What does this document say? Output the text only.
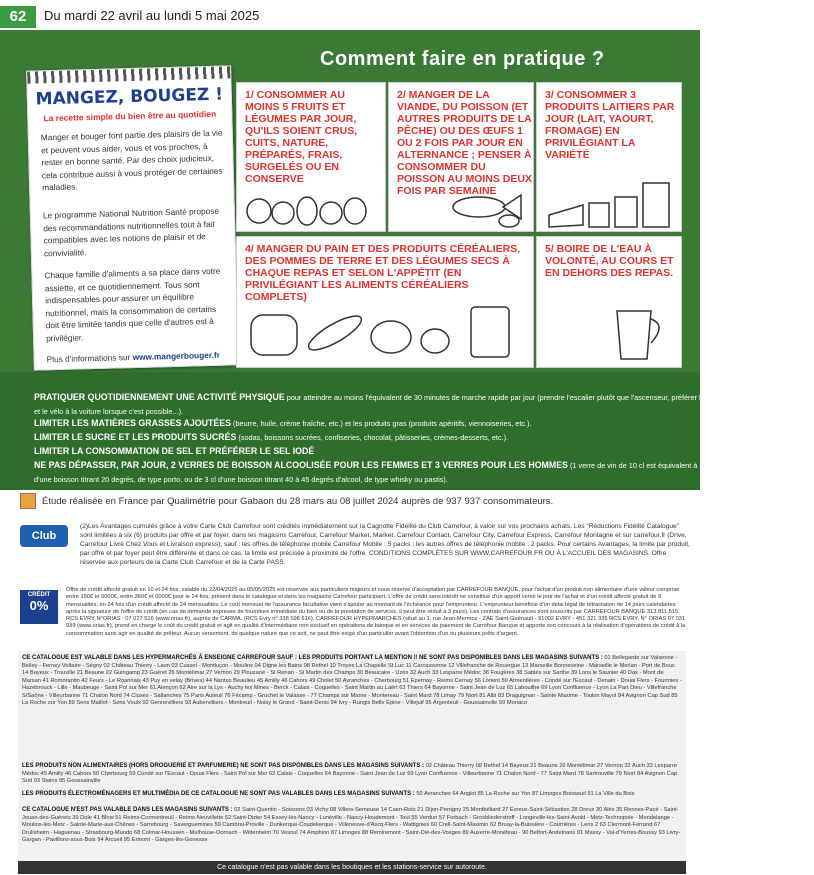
62	Du mardi 22 avril au lundi 5 mai 2025
MANGEZ, BOUGEZ !
La recette simple du bien être au quotidien
Manger et bouger font partie des plaisirs de la vie et peuvent vous aider, vous et vos proches, à rester en bonne santé. Par des choix judicieux, cela contribue aussi à vous protéger de certaines maladies.
Le programme National Nutrition Santé propose des recommandations nutritionnelles tout à fait compatibles avec les notions de plaisir et de convivialité.
Chaque famille d'aliments a sa place dans votre assiette, et ce quotidiennement. Tous sont indispensables pour assurer un équilibre nutritionnel, mais la consommation de certains doit être limitée tandis que celle d'autres est à privilégier.
Plus d'informations sur www.mangerbouger.fr
Comment faire en pratique ?
1/ CONSOMMER AU MOINS 5 FRUITS ET LÉGUMES PAR JOUR, QU'ILS SOIENT CRUS, CUITS, NATURE, PRÉPARÉS, FRAIS, SURGELÉS OU EN CONSERVE
2/ MANGER DE LA VIANDE, DU POISSON (ET AUTRES PRODUITS DE LA PÊCHE) OU DES ŒUFS 1 OU 2 FOIS PAR JOUR EN ALTERNANCE ; PENSER À CONSOMMER DU POISSON AU MOINS DEUX FOIS PAR SEMAINE
3/ CONSOMMER 3 PRODUITS LAITIERS PAR JOUR (LAIT, YAOURT, FROMAGE) EN PRIVILÉGIANT LA VARIÉTÉ
4/ MANGER DU PAIN ET DES PRODUITS CÉRÉALIERS, DES POMMES DE TERRE ET DES LÉGUMES SECS À CHAQUE REPAS ET SELON L'APPÉTIT (EN PRIVILÉGIANT LES ALIMENTS CÉRÉALIERS COMPLETS)
5/ BOIRE DE L'EAU À VOLONTÉ, AU COURS ET EN DEHORS DES REPAS.
PRATIQUER QUOTIDIENNEMENT UNE ACTIVITÉ PHYSIQUE pour atteindre au moins l'équivalent de 30 minutes de marche rapide par jour (prendre l'escalier plutôt que l'ascenseur, préférer la marche
et le vélo à la voiture lorsque c'est possible...).
LIMITER LES MATIÈRES GRASSES AJOUTÉES (beurre, huile, crème fraîche, etc.) et les produits gras (produits apéritifs, viennoiseries, etc.).
LIMITER LE SUCRE ET LES PRODUITS SUCRÉS (sodas, boissons sucrées, confiseries, chocolat, pâtisseries, crèmes-desserts, etc.).
LIMITER LA CONSOMMATION DE SEL ET PRÉFÉRER LE SEL IODÉ
NE PAS DÉPASSER, PAR JOUR, 2 VERRES DE BOISSON ALCOOLISÉE POUR LES FEMMES ET 3 VERRES POUR LES HOMMES (1 verre de vin de 10 cl est équivalent à 1 demi de bière ou à 1 verre de 6 cl
d'une boisson titrant 20 degrés, de type porto, ou de 3 cl d'une boisson titrant 40 à 45 degrés d'alcool, de type whisky ou pastis).
Étude réalisée en France par Qualimétrie pour Gabaon du 28 mars au 08 juillet 2024 auprès de 937 937 consommateurs.
Club
(2)Les Avantages cumulés grâce à votre Carte Club Carrefour sont crédités immédiatement sur la Cagnotte Fidélité du Club Carrefour, à valoir sur vos prochains achats. Les "Réductions Fidélité Catalogue" sont limitées à six (6) produits par offre et par foyer, dans les magasins Carrefour, Carrefour Market, Market, Carrefour Contact, Carrefour City, Carrefour Express, Carrefour Montagne et sur carrefour.fr (Drive, Carrefour Livré Chez Vous et Livraison express), sauf : les offres de téléphonie mobile Carrefour Mobile : 5 packs ; les autres offres de téléphonie mobile : 2 packs. Pour certains Avantages, la limite par produit, par offre et par foyer peut être différente et dans ce cas, la limite est précisée à proximité de l'offre. CONDITIONS COMPLÈTES SUR WWW.CARREFOUR.FR OU À L'ACCUEIL DES MAGASINS. Offre réservée aux porteurs de la Carte Club Carrefour et de la Carte PASS.
CRÉDIT
0%
Offre de crédit affecté gratuit en 10 et 24 fois, valable du 22/04/2025 au 05/05/2025 est réservée aux particuliers majeurs et sous réserve d'acceptation par CARREFOUR BANQUE, pour l'achat d'un produit non alimentaire d'une valeur comprise entre 150€ et 6000€, entre 360€ et 6000€ pour le 24 fois, présent dans le catalogue et dans les magasins Carrefour participant. L'offre de crédit sans intérêt ne constitue d'un apport versé le jour de l'achat et d'un crédit affecté gratuit de 9 mensualités, en 24 fois d'un crédit affecté de 24 mensualités. Le coût mensuel de l'assurance facultative vient s'ajouter au montant de l'échéance pour l'emprunteur. L'emprunteur bénéficie d'un délai légal de rétractation de 14 jours calendaires après la signature de l'offre de crédit (en cas de demande expresse de fourniture immédiate du bien ou de la prestation de services, il peut être réduit à 3 jours). Les contrats d'assurances sont souscrits par CARREFOUR BANQUE 313 811 515 RCS EVRY N°ORIAS : 07 027 516 (www.orias.fr), auprès de CARMA. (RCS Evry n° 338 598 616). CARREFOUR HYPERMARCHÉS (situé au 1, rue Jean-Mermoz - ZAE Saint-Guénault - 91002 EVRY - 451 321 335 RCS EVRY, N° ORIAS 07 031 939 (www.orias.fr), prend en charge le coût du crédit gratuit et agit en qualité d'intermédiaire non exclusif en opérations de banque et en services de paiement de Carrefour Banque et apporte son concours à la réalisation d'opérations de crédit à la consommation sans agir en qualité de prêteur. Aucun versement, de quelque nature que ce soit, ne peut être exigé d'un particulier avant l'obtention d'un ou plusieurs prêts d'argent.
CE CATALOGUE EST VALABLE DANS LES HYPERMARCHÉS À ENSEIGNE CARREFOUR SAUF : LES PRODUITS PORTANT LA MENTION ‼ NE SONT PAS DISPONIBLES DANS LES MAGASINS SUIVANTS : 01 Bellegarde sur Valserine - Belley - Ferney Voltaire - Ségny 02 Château Thierry - Laon 03 Cusset - Montluçon - Moulins 04 Digne les Bains 08 Rethel 10 Troyes La Chapelle St Luc 11 Carcassonne 12 Villefranche de Rouergue 13 Marseille Bonneveine - Marseille le Merlan - Port de Bouc 14 Bayeux - Trouville 21 Beaune 22 Guingamp 23 Guéret 26 Montélimar 27 Vernon 29 Plouzané - St Renan - St Martin des Champs 30 Beaucaire - Uzès 32 Auch 33 Lesparre Médoc 38 Fougères 38 Sablés sur Sarthe 39 Lons le Saunier 40 Dax - Mont de Marsan 41 Romorantin 42 Feurs - Le Roannais 43 Puy en velay (Brives) 44 Nantes Beaulieu 45 Amilly 46 Cahors 49 Cholet 50 Avranches - Cherbourg 51 Epernay - Reims Cernay 56 Lorient 59 Armentières - Condé sur l'Escaut - Denain - Douai Flers - Fourmies - Hazebrouck - Lille - Maubeuge - Saint Pol sur Mer 61 Alençon 62 Aire sur la Lys - Auchy les Mines - Berck - Calais - Coquelles - Saint Martin au Laërt 63 Thiers 64 Bayonne - Saint Jean de Luz 65 Labouilhe 69 Lyon Confluence - Lyon La Part Dieu - Villefranche S/Saône - Villeurbanne 71 Chalon Nord 74 Cluses - Sallanches 75 Paris Auteuil 76 Fécamp - Gruchet le Valasse - 77 Champs sur Marne - Montereau - Saint Mard 78 Limay 79 Niort 81 Albi 83 Draguignan - Sainte Maxime - Toulon Mayol 84 Avignon Cap Sud 85 La Roche sur Yon 89 Sens Maillot - Sens Voulx 92 Gennevilliers 93 Aubervilliers - Montreuil - Noisy le Grand - Saint-Denis 94 Ivry - Rungis Belle Épine - Villejuif 95 Argenteuil - Goussainville 99 Monaco
LES PRODUITS NON ALIMENTAIRES (HORS DROGUERIE ET PARFUMERIE) NE SONT PAS DISPONIBLES DANS LES MAGASINS SUIVANTS : 02 Château Thierry 08 Rethel 14 Bayeux 21 Beaune 26 Montélimar 27 Vernon 32 Auch 33 Lesparre Médoc 45 Amilly 46 Cahors 50 Cherbourg 59 Condé sur l'Escaut - Douai Flers - Saint Pol sur Mer 62 Calais - Coquelles 64 Bayonne - Saint Jean de Luz 69 Lyon Confluence - Villeurbanne 71 Chalon Nord - 77 Saint Mard 78 Sartrouville 79 Niort 84 Avignon Cap Sud 93 Stains 95 Goussainville
LES PRODUITS ÉLECTROMÉNAGERS ET MULTIMÉDIA DE CE CATALOGUE NE SONT PAS VALABLES DANS LES MAGASINS SUIVANTS : 50 Avranches 64 Anglet 85 La Roche sur Yon 87 Limoges Boisseuil 91 La Ville du Bois
CE CATALOGUE N'EST PAS VALABLE DANS LES MAGASINS SUIVANTS : 02 Saint-Quentin - Soissons 03 Vichy 08 Villers-Semeuse 14 Caen-Rots 21 Dijon-Perrigny 25 Montbéliard 27 Évreux-Saint-Sébastien 28 Dreux 30 Alès 35 Rennes-Pacé - Saint-Jouan-des-Guérets 39 Dole 41 Blois 51 Reims-Cormontreuil - Reims-Neuvillette 52 Saint-Dizier 54 Essey-lès-Nancy - Lunéville - Nancy-Houdemont - Toul 55 Verdun 57 Forbach - Grosbliederstroff - Longeville-lès-Saint-Avold - Metz-Technopole - Mondelange - Moulins-lès-Metz - Sainte-Marie-aux-Chênes - Sarrebourg - Saverguemines 59 Cambrai-Proville - Dunkerque-Coudekerque - Villeneuve-d'Ascq-Flers - Wattignies 60 Creil-Saint-Maximin 62 Bruay-la-Buissière - Courrières - Lens 2 63 Clermont-Ferrand 67 Drulisheim - Haguenau - Strasbourg-Mundo 68 Colmar-Houssen - Mulhouse-Dornach - Wittenheim 70 Vesoul 74 Amphion 87 Limoges 88 Remiremont - Saint-Dié-des-Vosges 89 Auxerre-Monéteau - 90 Belfort-Andelnans 91 Massy - Val-d'Yerres-Boussy 93 Livry-Gargan - Pavillons-sous-Bois 94 Arcueil 95 Ermont - Garges-lès-Gonesse
Ce catalogue n'est pas valable dans les boutiques et les stations-service sur autoroute.
